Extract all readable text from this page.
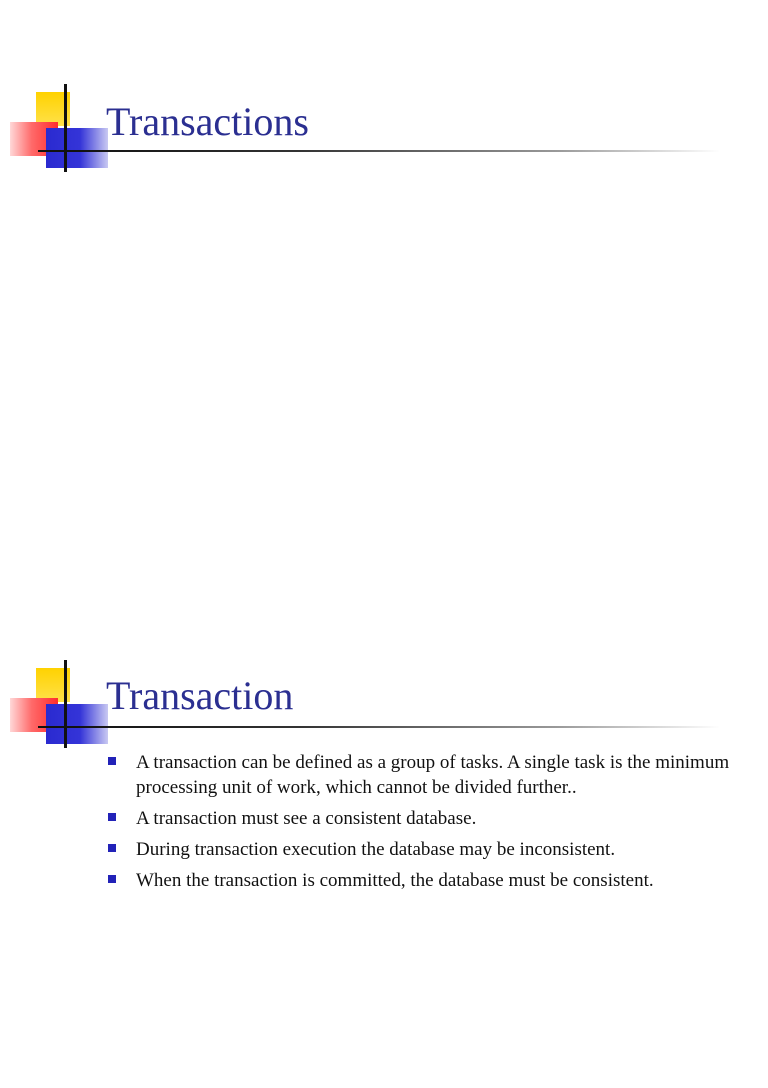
Transactions
Transaction
A transaction can be defined as a group of tasks. A single task is the minimum processing unit of work, which cannot be divided further..
A transaction must see a consistent database.
During transaction execution the database may be inconsistent.
When the transaction is committed, the database must be consistent.
